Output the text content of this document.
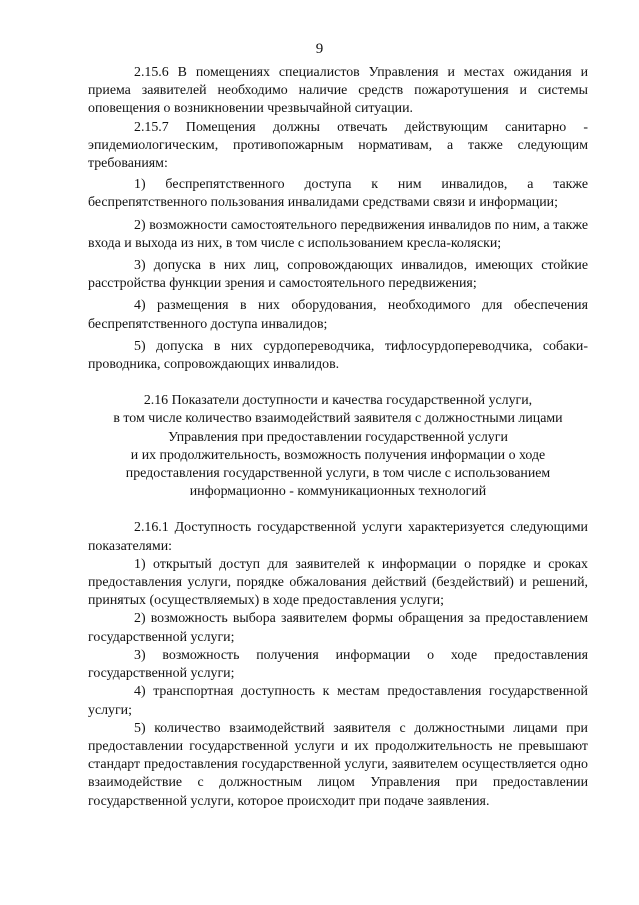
9

2.15.6 В помещениях специалистов Управления и местах ожидания и приема заявителей необходимо наличие средств пожаротушения и системы оповещения о возникновении чрезвычайной ситуации.

2.15.7 Помещения должны отвечать действующим санитарно - эпидемиологическим, противопожарным нормативам, а также следующим требованиям:

1) беспрепятственного доступа к ним инвалидов, а также беспрепятственного пользования инвалидами средствами связи и информации;

2) возможности самостоятельного передвижения инвалидов по ним, а также входа и выхода из них, в том числе с использованием кресла-коляски;

3) допуска в них лиц, сопровождающих инвалидов, имеющих стойкие расстройства функции зрения и самостоятельного передвижения;

4) размещения в них оборудования, необходимого для обеспечения беспрепятственного доступа инвалидов;

5) допуска в них сурдопереводчика, тифлосурдопереводчика, собаки-проводника, сопровождающих инвалидов.

2.16 Показатели доступности и качества государственной услуги,
в том числе количество взаимодействий заявителя с должностными лицами
Управления при предоставлении государственной услуги
и их продолжительность, возможность получения информации о ходе
предоставления государственной услуги, в том числе с использованием
информационно - коммуникационных технологий

2.16.1 Доступность государственной услуги характеризуется следующими показателями:

1) открытый доступ для заявителей к информации о порядке и сроках предоставления услуги, порядке обжалования действий (бездействий) и решений, принятых (осуществляемых) в ходе предоставления услуги;

2) возможность выбора заявителем формы обращения за предоставлением государственной услуги;

3) возможность получения информации о ходе предоставления государственной услуги;

4) транспортная доступность к местам предоставления государственной услуги;

5) количество взаимодействий заявителя с должностными лицами при предоставлении государственной услуги и их продолжительность не превышают стандарт предоставления государственной услуги, заявителем осуществляется одно взаимодействие с должностным лицом Управления при предоставлении государственной услуги, которое происходит при подаче заявления.
